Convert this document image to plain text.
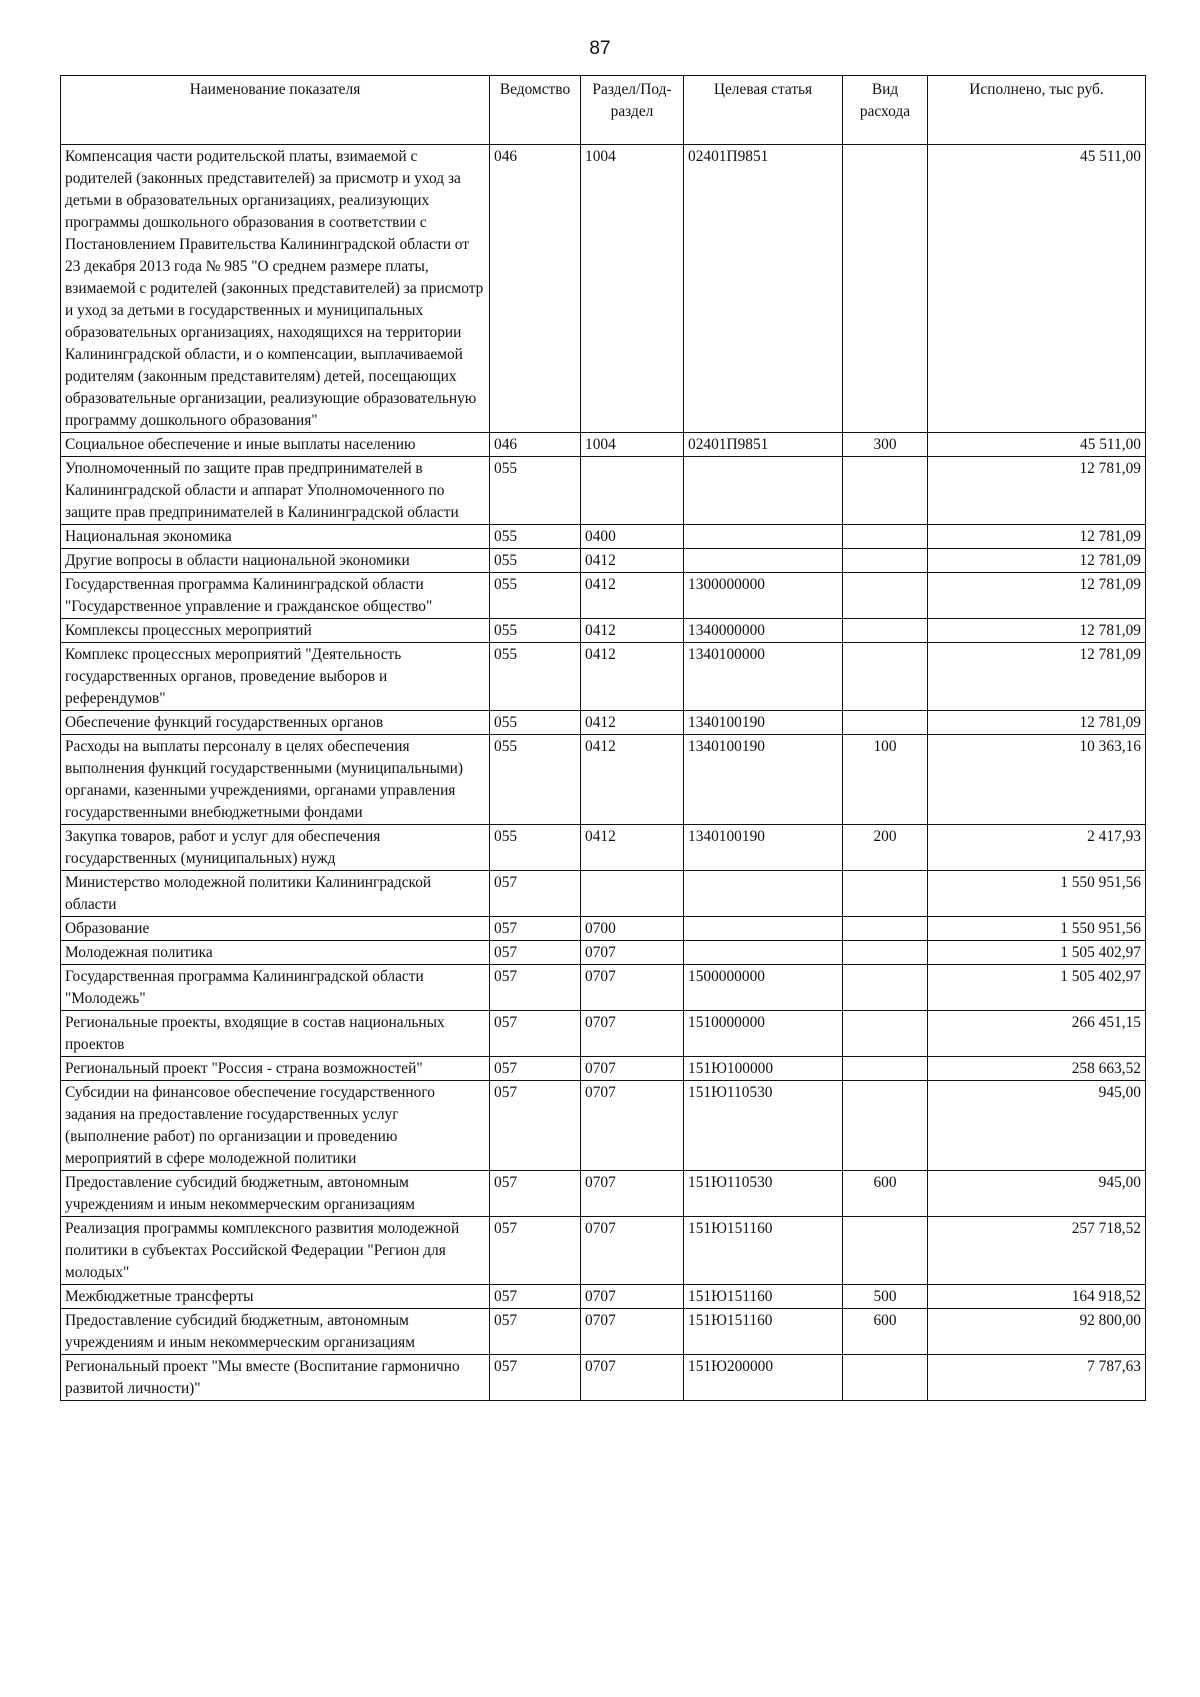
87
Наименование показателя	Ведомство	Раздел/Под-раздел	Целевая статья	Вид расхода	Исполнено, тыс руб.
Компенсация части родительской платы, взимаемой с родителей (законных представителей) за присмотр и уход за детьми в образовательных организациях, реализующих программы дошкольного образования в соответствии с Постановлением Правительства Калининградской области от 23 декабря 2013 года № 985 "О среднем размере платы, взимаемой с родителей (законных представителей) за присмотр и уход за детьми в государственных и муниципальных образовательных организациях, находящихся на территории Калининградской области, и о компенсации, выплачиваемой родителям (законным представителям) детей, посещающих образовательные организации, реализующие образовательную программу дошкольного образования"	046	1004	02401П9851		45 511,00
Социальное обеспечение и иные выплаты населению	046	1004	02401П9851	300	45 511,00
Уполномоченный по защите прав предпринимателей в Калининградской области и аппарат Уполномоченного по защите прав предпринимателей в Калининградской области	055				12 781,09
Национальная экономика	055	0400			12 781,09
Другие вопросы в области национальной экономики	055	0412			12 781,09
Государственная программа Калининградской области "Государственное управление и гражданское общество"	055	0412	1300000000		12 781,09
Комплексы процессных мероприятий	055	0412	1340000000		12 781,09
Комплекс процессных мероприятий "Деятельность государственных органов, проведение выборов и референдумов"	055	0412	1340100000		12 781,09
Обеспечение функций государственных органов	055	0412	1340100190		12 781,09
Расходы на выплаты персоналу в целях обеспечения выполнения функций государственными (муниципальными) органами, казенными учреждениями, органами управления государственными внебюджетными фондами	055	0412	1340100190	100	10 363,16
Закупка товаров, работ и услуг для обеспечения государственных (муниципальных) нужд	055	0412	1340100190	200	2 417,93
Министерство молодежной политики Калининградской области	057				1 550 951,56
Образование	057	0700			1 550 951,56
Молодежная политика	057	0707			1 505 402,97
Государственная программа Калининградской области "Молодежь"	057	0707	1500000000		1 505 402,97
Региональные проекты, входящие в состав национальных проектов	057	0707	1510000000		266 451,15
Региональный проект "Россия - страна возможностей"	057	0707	151Ю100000		258 663,52
Субсидии на финансовое обеспечение государственного задания на предоставление государственных услуг (выполнение работ) по организации и проведению мероприятий в сфере молодежной политики	057	0707	151Ю110530		945,00
Предоставление субсидий бюджетным, автономным учреждениям и иным некоммерческим организациям	057	0707	151Ю110530	600	945,00
Реализация программы комплексного развития молодежной политики в субъектах Российской Федерации "Регион для молодых"	057	0707	151Ю151160		257 718,52
Межбюджетные трансферты	057	0707	151Ю151160	500	164 918,52
Предоставление субсидий бюджетным, автономным учреждениям и иным некоммерческим организациям	057	0707	151Ю151160	600	92 800,00
Региональный проект "Мы вместе (Воспитание гармонично развитой личности)"	057	0707	151Ю200000		7 787,63
